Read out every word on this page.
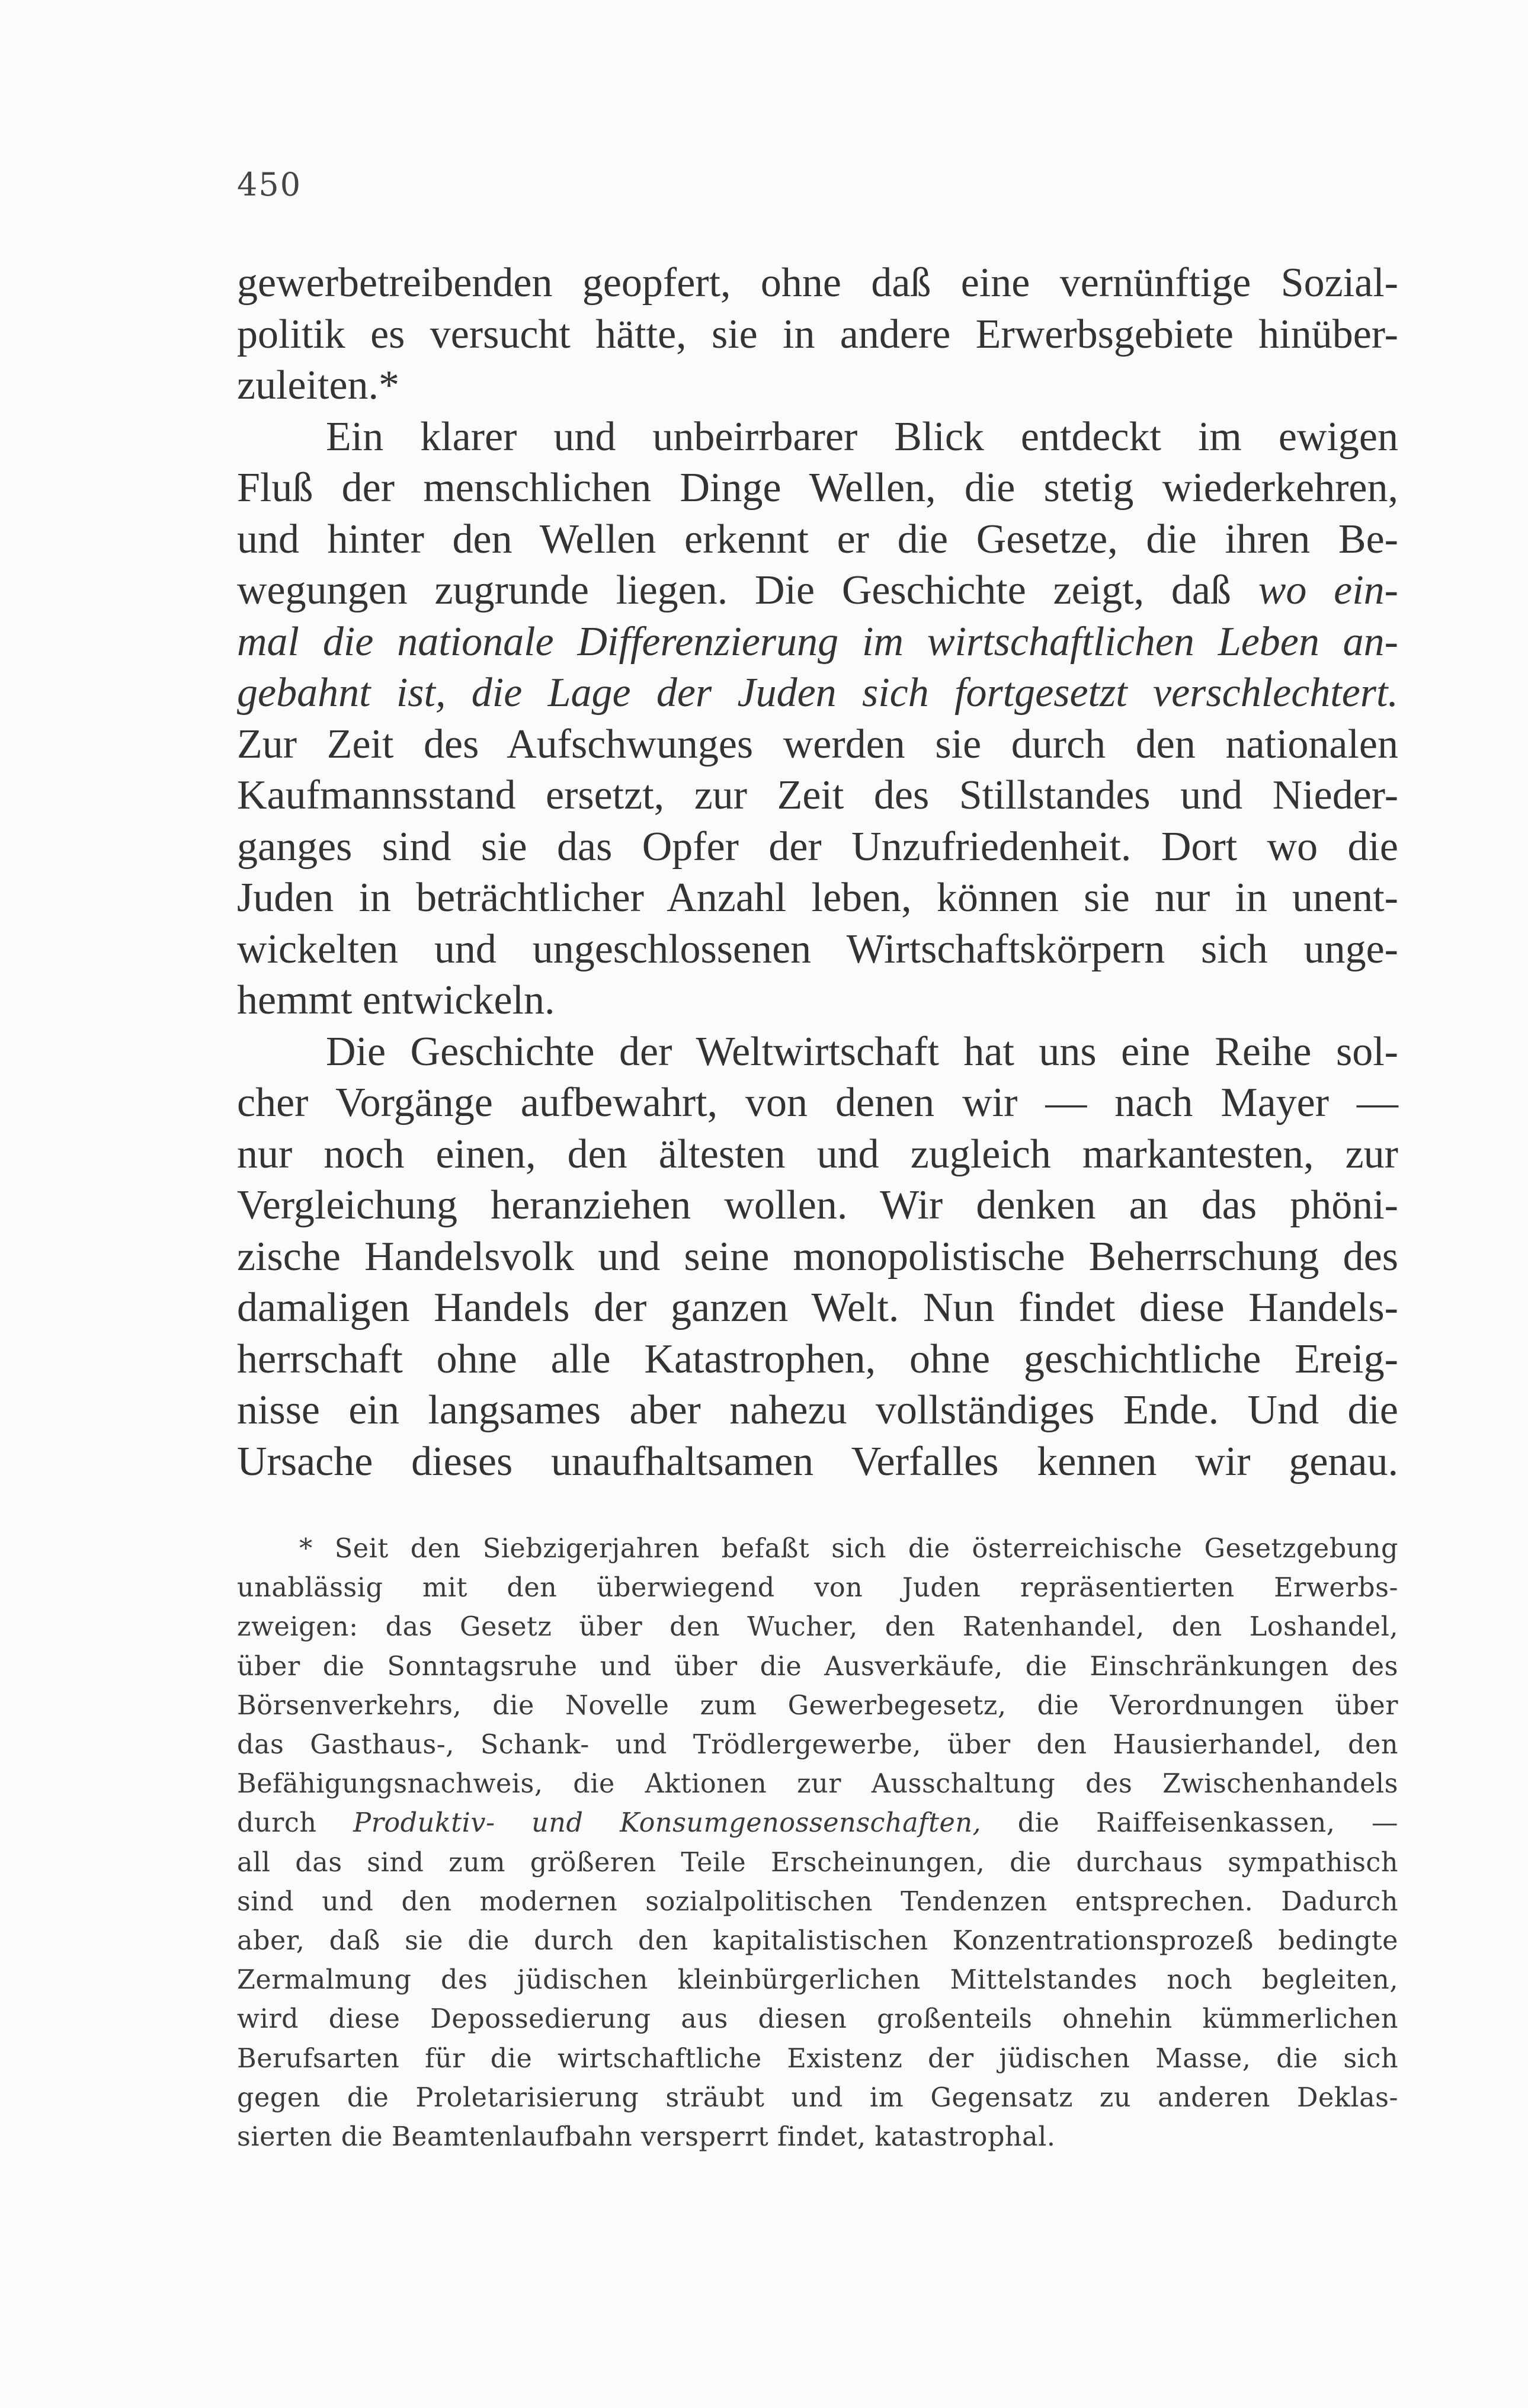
450
gewerbetreibenden geopfert, ohne daß eine vernünftige Sozial-
politik es versucht hätte, sie in andere Erwerbsgebiete hinüber-
zuleiten.*
Ein klarer und unbeirrbarer Blick entdeckt im ewigen
Fluß der menschlichen Dinge Wellen, die stetig wiederkehren,
und hinter den Wellen erkennt er die Gesetze, die ihren Be-
wegungen zugrunde liegen. Die Geschichte zeigt, daß wo ein-
mal die nationale Differenzierung im wirtschaftlichen Leben an-
gebahnt ist, die Lage der Juden sich fortgesetzt verschlechtert.
Zur Zeit des Aufschwunges werden sie durch den nationalen
Kaufmannsstand ersetzt, zur Zeit des Stillstandes und Nieder-
ganges sind sie das Opfer der Unzufriedenheit. Dort wo die
Juden in beträchtlicher Anzahl leben, können sie nur in unent-
wickelten und ungeschlossenen Wirtschaftskörpern sich unge-
hemmt entwickeln.
Die Geschichte der Weltwirtschaft hat uns eine Reihe sol-
cher Vorgänge aufbewahrt, von denen wir — nach Mayer —
nur noch einen, den ältesten und zugleich markantesten, zur
Vergleichung heranziehen wollen. Wir denken an das phöni-
zische Handelsvolk und seine monopolistische Beherrschung des
damaligen Handels der ganzen Welt. Nun findet diese Handels-
herrschaft ohne alle Katastrophen, ohne geschichtliche Ereig-
nisse ein langsames aber nahezu vollständiges Ende. Und die
Ursache dieses unaufhaltsamen Verfalles kennen wir genau.
* Seit den Siebzigerjahren befaßt sich die österreichische Gesetzgebung
unablässig mit den überwiegend von Juden repräsentierten Erwerbs-
zweigen: das Gesetz über den Wucher, den Ratenhandel, den Loshandel,
über die Sonntagsruhe und über die Ausverkäufe, die Einschränkungen des
Börsenverkehrs, die Novelle zum Gewerbegesetz, die Verordnungen über
das Gasthaus-, Schank- und Trödlergewerbe, über den Hausierhandel, den
Befähigungsnachweis, die Aktionen zur Ausschaltung des Zwischenhandels
durch Produktiv- und Konsumgenossenschaften, die Raiffeisenkassen, —
all das sind zum größeren Teile Erscheinungen, die durchaus sympathisch
sind und den modernen sozialpolitischen Tendenzen entsprechen. Dadurch
aber, daß sie die durch den kapitalistischen Konzentrationsprozeß bedingte
Zermalmung des jüdischen kleinbürgerlichen Mittelstandes noch begleiten,
wird diese Depossedierung aus diesen großenteils ohnehin kümmerlichen
Berufsarten für die wirtschaftliche Existenz der jüdischen Masse, die sich
gegen die Proletarisierung sträubt und im Gegensatz zu anderen Deklas-
sierten die Beamtenlaufbahn versperrt findet, katastrophal.
